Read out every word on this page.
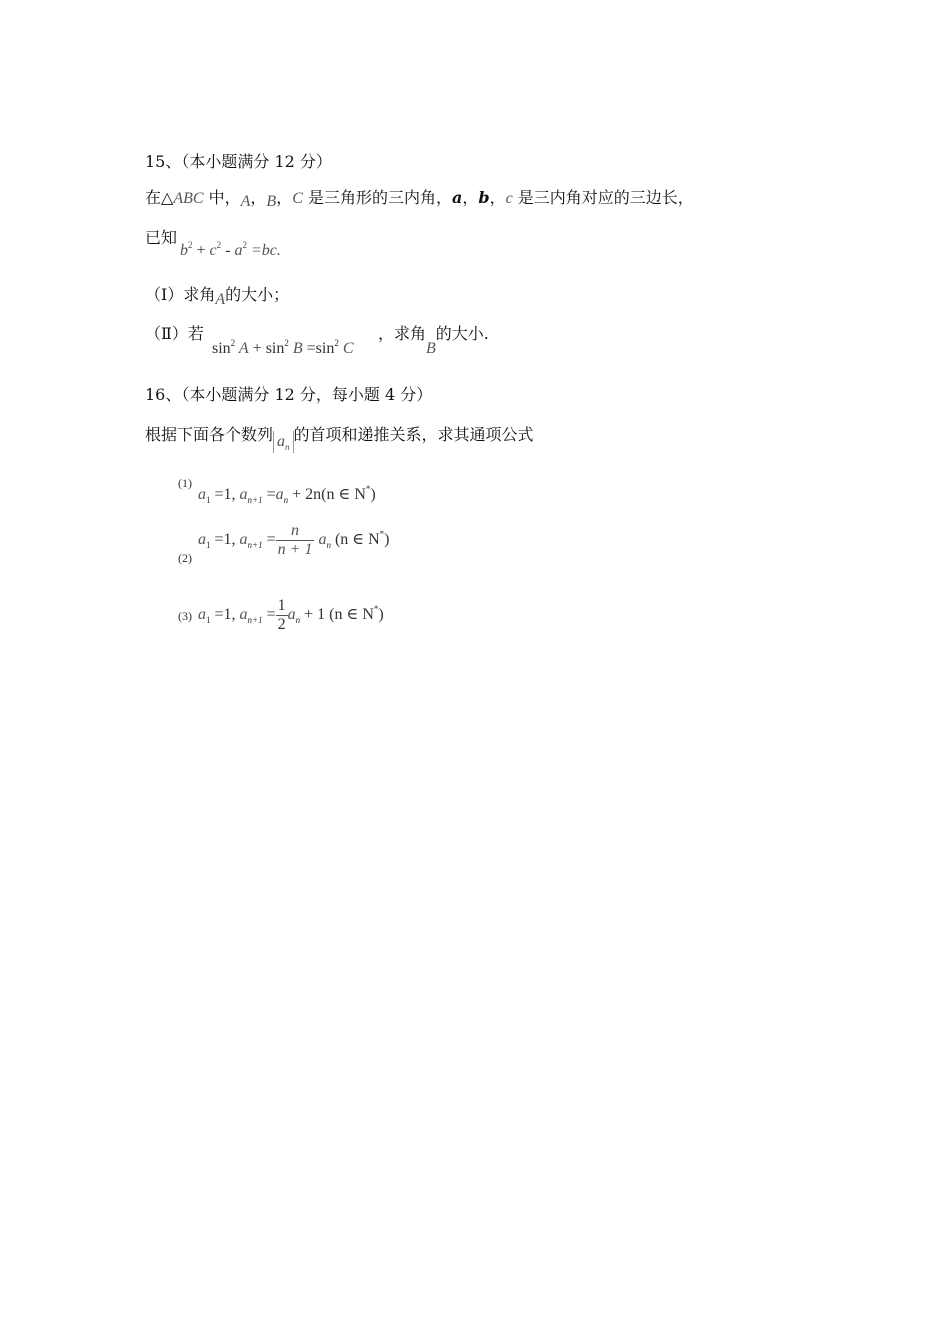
15、（本小题满分 12 分）
在△ABC 中，A，B，C 是三角形的三内角，a，b，c 是三内角对应的三边长，
已知
$b^2 + c^2 - a^2 =bc$.
（Ⅰ）求角A的大小；
（Ⅱ）若
$\sin^2 A + \sin^2 B =\sin^2$ C
，求角B的大小.
16、（本小题满分 12 分，每小题 4 分）
根据下面各个数列 $a_n$的首项和递推关系，求其通项公式
(1)
$a_1 =1$, $a_{n+1} =a_n + 2n(n$ ∈ N*)
(2)
$a_1 =1$, $a_{n+1} = \frac{n}{n + 1} a_n$ (n ∈ N*)
(3) $a_1 =1$, $a_{n+1} = \frac{1}{2} a_n + 1$ (n ∈ N*)
